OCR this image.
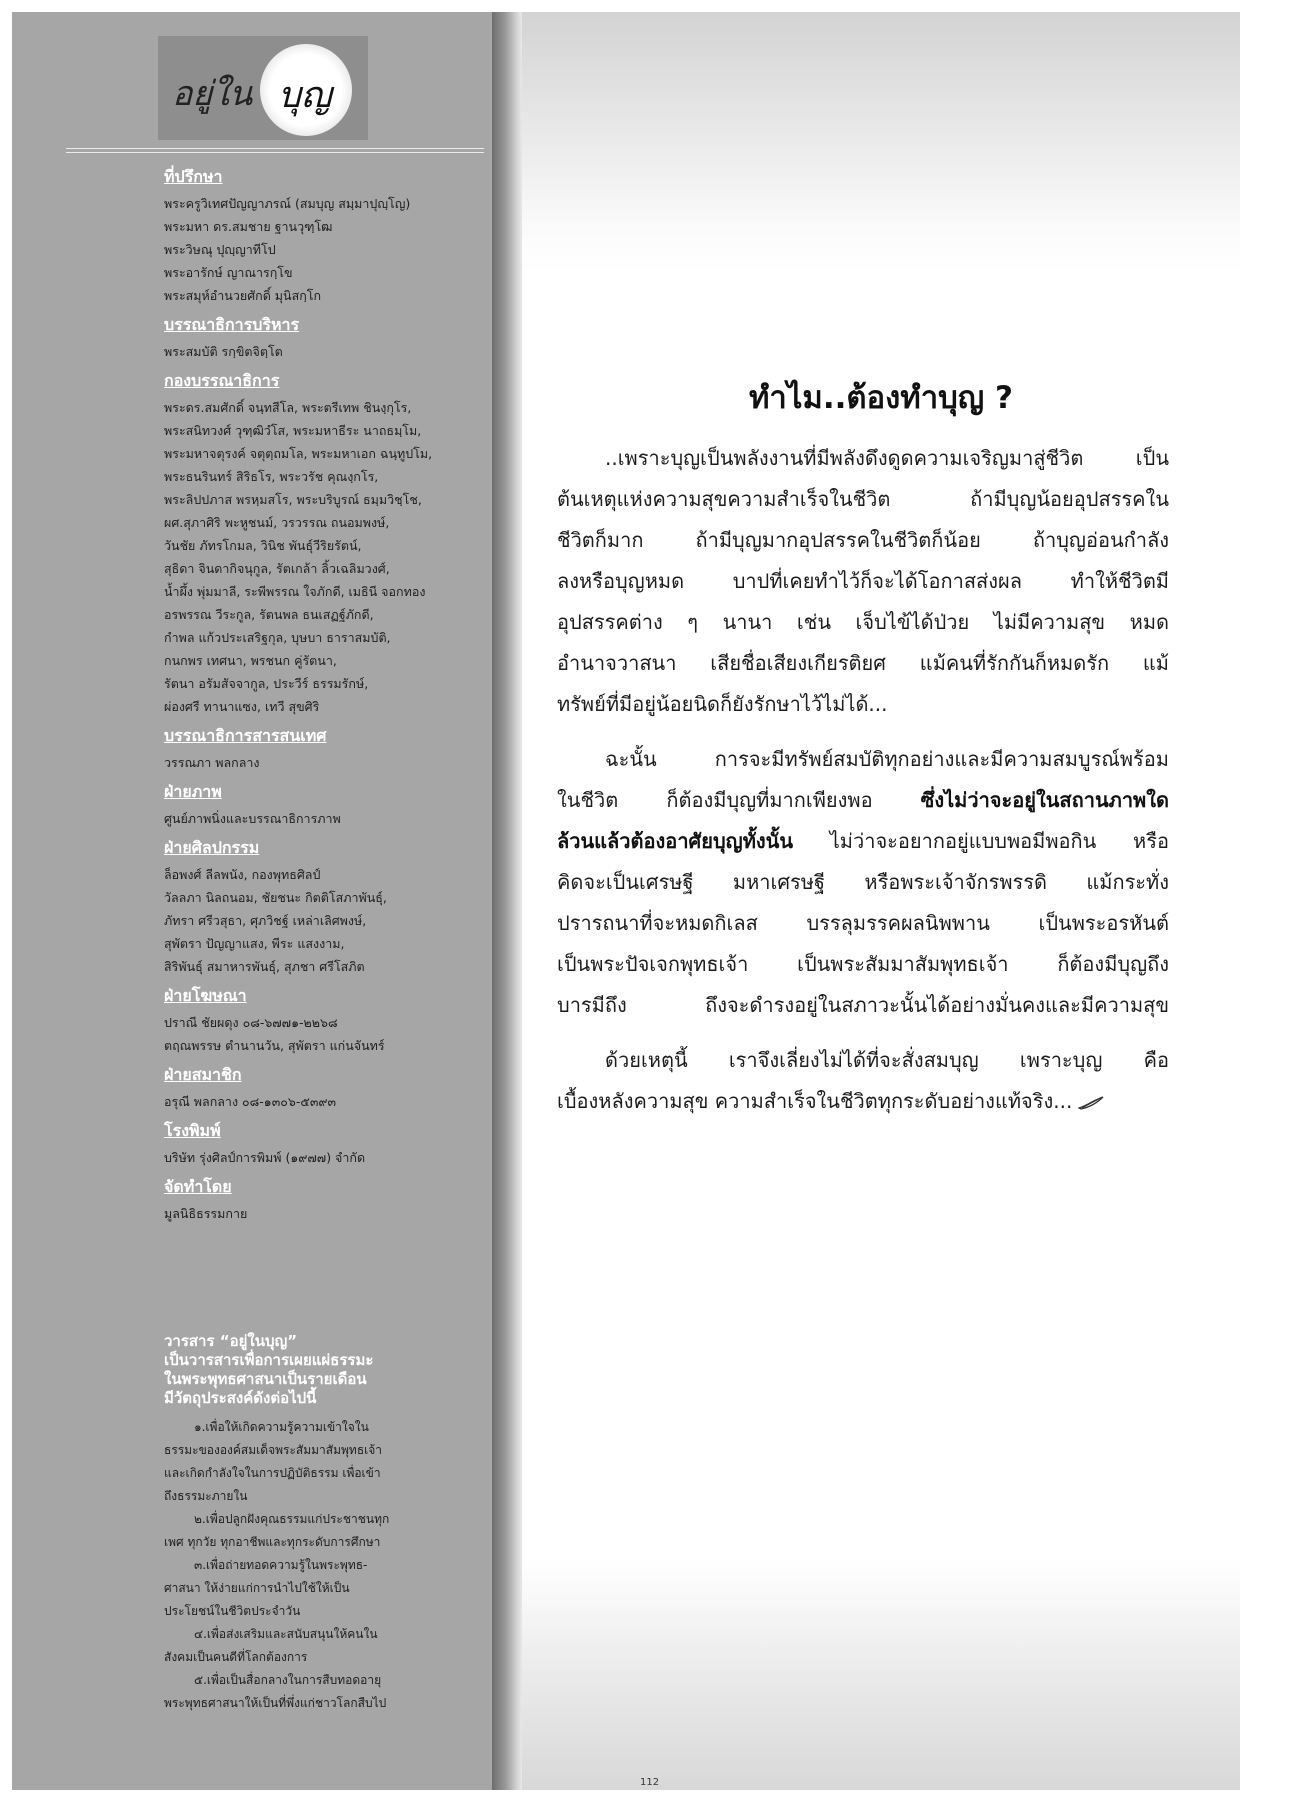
อยู่ใน บุญ
ที่ปรึกษา
พระครูวิเทศปัญญาภรณ์ (สมบุญ สมฺมาปุญฺโญ)
พระมหา ดร.สมชาย ฐานวุฑฺโฒ
พระวิษณุ ปุญฺญาทีโป
พระอารักษ์ ญาณารกฺโข
พระสมุห์อำนวยศักดิ์ มุนิสกฺโก
บรรณาธิการบริหาร
พระสมบัติ รกฺขิตจิตฺโต
กองบรรณาธิการ
พระดร.สมศักดิ์ จนฺทสีโล, พระตรีเทพ ชินงฺกุโร,
พระสนิทวงศ์ วุฑฺฒิวํโส, พระมหาธีระ นาถธมฺโม,
พระมหาจตุรงค์ จตุตฺถมโล, พระมหาเอก ฉนฺทูปโม,
พระธนรินทร์ สิริธโร, พระวรัช คุณงฺกโร,
พระลิปปภาส พรหฺมสโร, พระบริบูรณ์ ธมฺมวิชฺโช,
ผศ.สุภาศิริ พะหูชนม์, วรวรรณ ถนอมพงษ์,
วันชัย ภัทรโกมล, วินิช พันธุ์วีริยรัตน์,
สุธิดา จินดากิจนุกูล, รัตเกล้า ลิ้วเฉลิมวงศ์,
น้ำผึ้ง พุ่มมาลี, ระพีพรรณ ใจภักดี, เมธินี จอกทอง
อรพรรณ วีระกูล, รัตนพล ธนเสฏฐ์ภักดี,
กำพล แก้วประเสริฐกุล, บุษบา ธาราสมบัติ,
กนกพร เทศนา, พรชนก คู่รัตนา,
รัตนา อรัมสัจจากูล, ประวีร์ ธรรมรักษ์,
ผ่องศรี ทานาแซง, เทวี สุขศิริ
บรรณาธิการสารสนเทศ
วรรณภา พลกลาง
ฝ่ายภาพ
ศูนย์ภาพนิ่งและบรรณาธิการภาพ
ฝ่ายศิลปกรรม
ล็อพงศ์ ลีลพนัง, กองพุทธศิลป์
วัลลภา นิลถนอม, ชัยชนะ กิตติโสภาพันธุ์,
ภัทรา ศรีวสุธา, ศุภวิชฐ์ เหล่าเลิศพงษ์,
สุพัตรา ปัญญาแสง, พีระ แสงงาม,
สิริพันธุ์ สมาหารพันธุ์, สุภชา ศรีโสภิต
ฝ่ายโฆษณา
ปราณี ชัยผดุง ๐๘-๖๗๗๑-๒๒๖๘
ตฤณพรรษ ตำนานวัน, สุพัตรา แก่นจันทร์
ฝ่ายสมาชิก
อรุณี พลกลาง ๐๘-๑๓๐๖-๕๓๙๓
โรงพิมพ์
บริษัท รุ่งศิลป์การพิมพ์ (๑๙๗๗) จำกัด
จัดทำโดย
มูลนิธิธรรมกาย
วารสาร “อยู่ในบุญ”
เป็นวารสารเพื่อการเผยแผ่ธรรมะ
ในพระพุทธศาสนาเป็นรายเดือน
มีวัตถุประสงค์ดังต่อไปนี้
๑.เพื่อให้เกิดความรู้ความเข้าใจใน
ธรรมะขององค์สมเด็จพระสัมมาสัมพุทธเจ้า
และเกิดกำลังใจในการปฏิบัติธรรม เพื่อเข้า
ถึงธรรมะภายใน
๒.เพื่อปลูกฝังคุณธรรมแก่ประชาชนทุก
เพศ ทุกวัย ทุกอาชีพและทุกระดับการศึกษา
๓.เพื่อถ่ายทอดความรู้ในพระพุทธ-
ศาสนา ให้ง่ายแก่การนำไปใช้ให้เป็น
ประโยชน์ในชีวิตประจำวัน
๔.เพื่อส่งเสริมและสนับสนุนให้คนใน
สังคมเป็นคนดีที่โลกต้องการ
๕.เพื่อเป็นสื่อกลางในการสืบทอดอายุ
พระพุทธศาสนาให้เป็นที่พึ่งแก่ชาวโลกสืบไป
ทำไม..ต้องทำบุญ ?
..เพราะบุญเป็นพลังงานที่มีพลังดึงดูดความเจริญมาสู่ชีวิต เป็น
ต้นเหตุแห่งความสุขความสำเร็จในชีวิต ถ้ามีบุญน้อยอุปสรรคใน
ชีวิตก็มาก ถ้ามีบุญมากอุปสรรคในชีวิตก็น้อย ถ้าบุญอ่อนกำลัง
ลงหรือบุญหมด บาปที่เคยทำไว้ก็จะได้โอกาสส่งผล ทำให้ชีวิตมี
อุปสรรคต่าง ๆ นานา เช่น เจ็บไข้ได้ป่วย ไม่มีความสุข หมด
อำนาจวาสนา เสียชื่อเสียงเกียรติยศ แม้คนที่รักกันก็หมดรัก แม้
ทรัพย์ที่มีอยู่น้อยนิดก็ยังรักษาไว้ไม่ได้...
ฉะนั้น การจะมีทรัพย์สมบัติทุกอย่างและมีความสมบูรณ์พร้อม
ในชีวิต ก็ต้องมีบุญที่มากเพียงพอ ซึ่งไม่ว่าจะอยู่ในสถานภาพใด
ล้วนแล้วต้องอาศัยบุญทั้งนั้น ไม่ว่าจะอยากอยู่แบบพอมีพอกิน หรือ
คิดจะเป็นเศรษฐี มหาเศรษฐี หรือพระเจ้าจักรพรรดิ แม้กระทั่ง
ปรารถนาที่จะหมดกิเลส บรรลุมรรคผลนิพพาน เป็นพระอรหันต์
เป็นพระปัจเจกพุทธเจ้า เป็นพระสัมมาสัมพุทธเจ้า ก็ต้องมีบุญถึง
บารมีถึง ถึงจะดำรงอยู่ในสภาวะนั้นได้อย่างมั่นคงและมีความสุข
ด้วยเหตุนี้ เราจึงเลี่ยงไม่ได้ที่จะสั่งสมบุญ เพราะบุญ คือ
เบื้องหลังความสุข ความสำเร็จในชีวิตทุกระดับอย่างแท้จริง...
112
